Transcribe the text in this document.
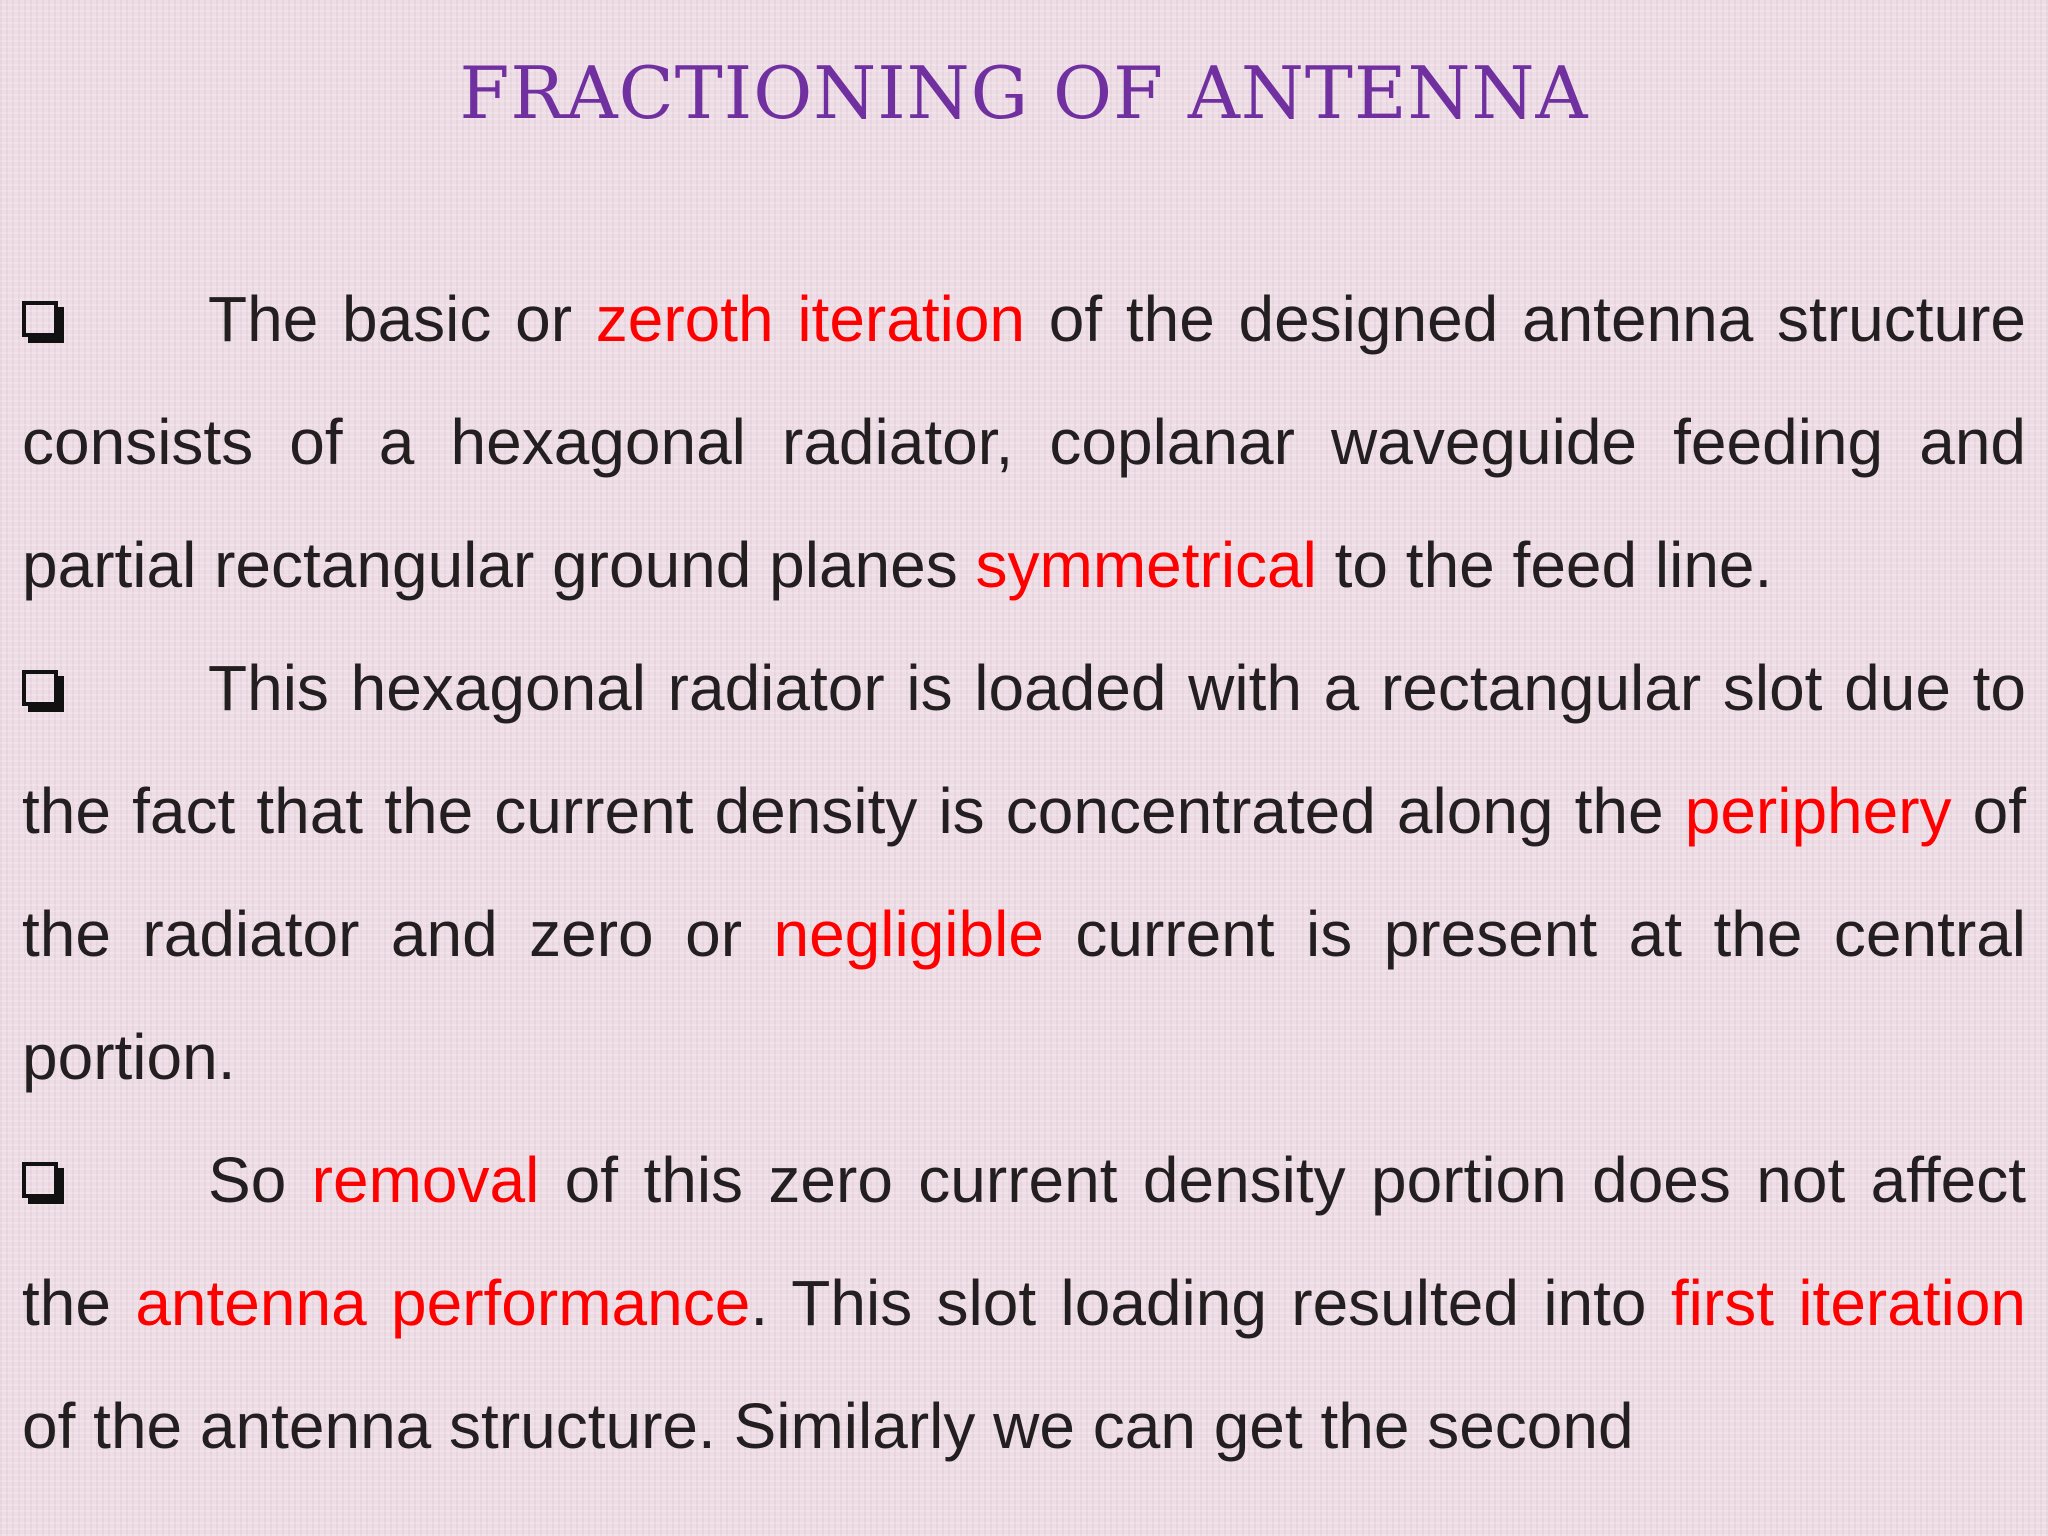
FRACTIONING OF ANTENNA

The basic or zeroth iteration of the designed antenna structure consists of a hexagonal radiator, coplanar waveguide feeding and partial rectangular ground planes symmetrical to the feed line.

This hexagonal radiator is loaded with a rectangular slot due to the fact that the current density is concentrated along the periphery of the radiator and zero or negligible current is present at the central portion.

So removal of this zero current density portion does not affect the antenna performance. This slot loading resulted into first iteration of the antenna structure. Similarly we can get the second
